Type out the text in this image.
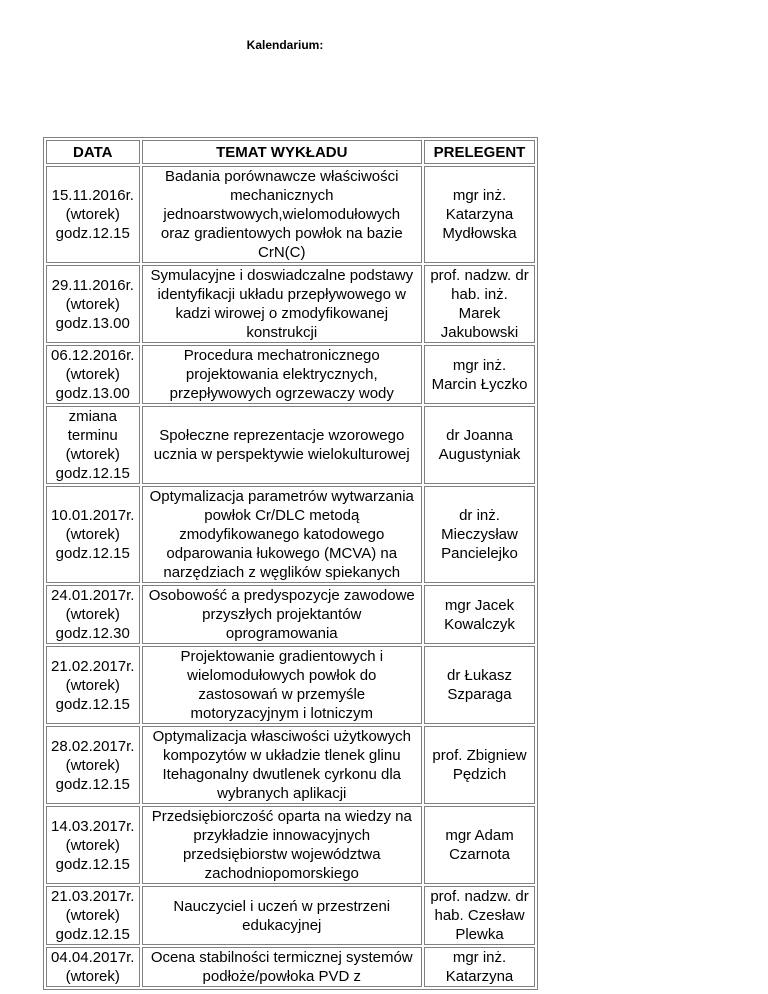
Kalendarium:
DATA	TEMAT WYKŁADU	PRELEGENT
15.11.2016r.
(wtorek)
godz.12.15	Badania porównawcze właściwości
mechanicznych
jednoarstwowych,wielomodułowych
oraz gradientowych powłok na bazie
CrN(C)	mgr inż.
Katarzyna
Mydłowska
29.11.2016r.
(wtorek)
godz.13.00	Symulacyjne i doswiadczalne podstawy
identyfikacji układu przepływowego w
kadzi wirowej o zmodyfikowanej
konstrukcji	prof. nadzw. dr
hab. inż.
Marek
Jakubowski
06.12.2016r.
(wtorek)
godz.13.00	Procedura mechatronicznego
projektowania elektrycznych,
przepływowych ogrzewaczy wody	mgr inż.
Marcin Łyczko
zmiana
terminu
(wtorek)
godz.12.15	Społeczne reprezentacje wzorowego
ucznia w perspektywie wielokulturowej	dr Joanna
Augustyniak
10.01.2017r.
(wtorek)
godz.12.15	Optymalizacja parametrów wytwarzania
powłok Cr/DLC metodą
zmodyfikowanego katodowego
odparowania łukowego (MCVA) na
narzędziach z węglików spiekanych	dr inż.
Mieczysław
Pancielejko
24.01.2017r.
(wtorek)
godz.12.30	Osobowość a predyspozycje zawodowe
przyszłych projektantów
oprogramowania	mgr Jacek
Kowalczyk
21.02.2017r.
(wtorek)
godz.12.15	Projektowanie gradientowych i
wielomodułowych powłok do
zastosowań w przemyśle
motoryzacyjnym i lotniczym	dr Łukasz
Szparaga
28.02.2017r.
(wtorek)
godz.12.15	Optymalizacja własciwości użytkowych
kompozytów w układzie tlenek glinu
Itehagonalny dwutlenek cyrkonu dla
wybranych aplikacji	prof. Zbigniew
Pędzich
14.03.2017r.
(wtorek)
godz.12.15	Przedsiębiorczość oparta na wiedzy na
przykładzie innowacyjnych
przedsiębiorstw województwa
zachodniopomorskiego	mgr Adam
Czarnota
21.03.2017r.
(wtorek)
godz.12.15	Nauczyciel i uczeń w przestrzeni
edukacyjnej	prof. nadzw. dr
hab. Czesław
Plewka
04.04.2017r.
(wtorek)	Ocena stabilności termicznej systemów
podłoże/powłoka PVD z	mgr inż.
Katarzyna
